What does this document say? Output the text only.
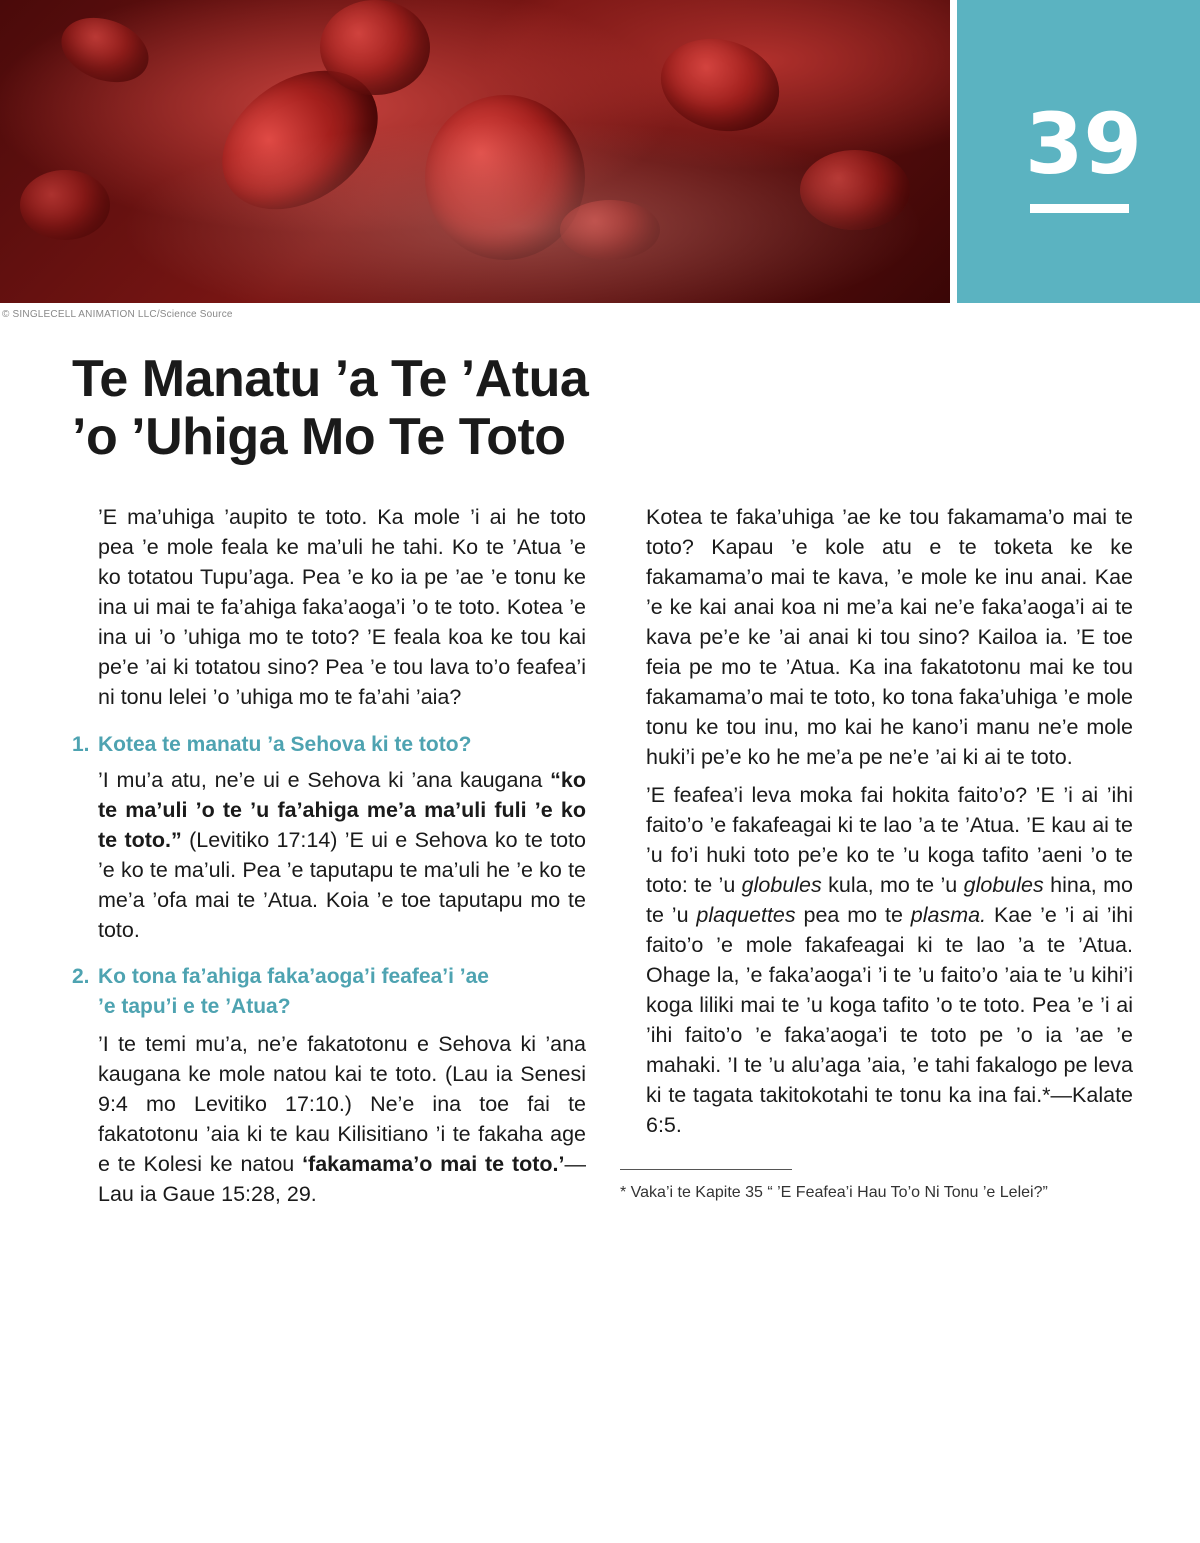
39
© SINGLECELL ANIMATION LLC/Science Source
Te Manatu ’a Te ’Atua
’o ’Uhiga Mo Te Toto

’E ma’uhiga ’aupito te toto. Ka mole ’i ai he toto pea ’e mole feala ke ma’uli he tahi. Ko te ’Atua ’e ko totatou Tupu’aga. Pea ’e ko ia pe ’ae ’e tonu ke ina ui mai te fa’ahiga faka’aoga’i ’o te toto. Kotea ’e ina ui ’o ’uhiga mo te toto? ’E feala koa ke tou kai pe’e ’ai ki totatou sino? Pea ’e tou lava to’o feafea’i ni tonu lelei ’o ’uhiga mo te fa’ahi ’aia?

1. Kotea te manatu ’a Sehova ki te toto?

’I mu’a atu, ne’e ui e Sehova ki ’ana kaugana “ko te ma’uli ’o te ’u fa’ahiga me’a ma’uli fuli ’e ko te toto.” (Levitiko 17:14) ’E ui e Sehova ko te toto ’e ko te ma’uli. Pea ’e taputapu te ma’uli he ’e ko te me’a ’ofa mai te ’Atua. Koia ’e toe taputapu mo te toto.

2. Ko tona fa’ahiga faka’aoga’i feafea’i ’ae
’e tapu’i e te ’Atua?

’I te temi mu’a, ne’e fakatotonu e Sehova ki ’ana kaugana ke mole natou kai te toto. (Lau ia Senesi 9:4 mo Levitiko 17:10.) Ne’e ina toe fai te fakatotonu ’aia ki te kau Kilisitiano ’i te fakaha age e te Kolesi ke natou ‘fakamama’o mai te toto.’—Lau ia Gaue 15:28, 29.

Kotea te faka’uhiga ’ae ke tou fakamama’o mai te toto? Kapau ’e kole atu e te toketa ke ke fakamama’o mai te kava, ’e mole ke inu anai. Kae ’e ke kai anai koa ni me’a kai ne’e faka’aoga’i ai te kava pe’e ke ’ai anai ki tou sino? Kailoa ia. ’E toe feia pe mo te ’Atua. Ka ina fakatotonu mai ke tou fakamama’o mai te toto, ko tona faka’uhiga ’e mole tonu ke tou inu, mo kai he kano’i manu ne’e mole huki’i pe’e ko he me’a pe ne’e ’ai ki ai te toto.

’E feafea’i leva moka fai hokita faito’o? ’E ’i ai ’ihi faito’o ’e fakafeagai ki te lao ’a te ’Atua. ’E kau ai te ’u fo’i huki toto pe’e ko te ’u koga tafito ’aeni ’o te toto: te ’u globules kula, mo te ’u globules hina, mo te ’u plaquettes pea mo te plasma. Kae ’e ’i ai ’ihi faito’o ’e mole fakafeagai ki te lao ’a te ’Atua. Ohage la, ’e faka’aoga’i ’i te ’u faito’o ’aia te ’u kihi’i koga liliki mai te ’u koga tafito ’o te toto. Pea ’e ’i ai ’ihi faito’o ’e faka’aoga’i te toto pe ’o ia ’ae ’e mahaki. ’I te ’u alu’aga ’aia, ’e tahi fakalogo pe leva ki te tagata takitokotahi te tonu ka ina fai.*—Kalate 6:5.

* Vaka’i te Kapite 35 “ ’E Feafea’i Hau To’o Ni Tonu ’e Lelei?”
